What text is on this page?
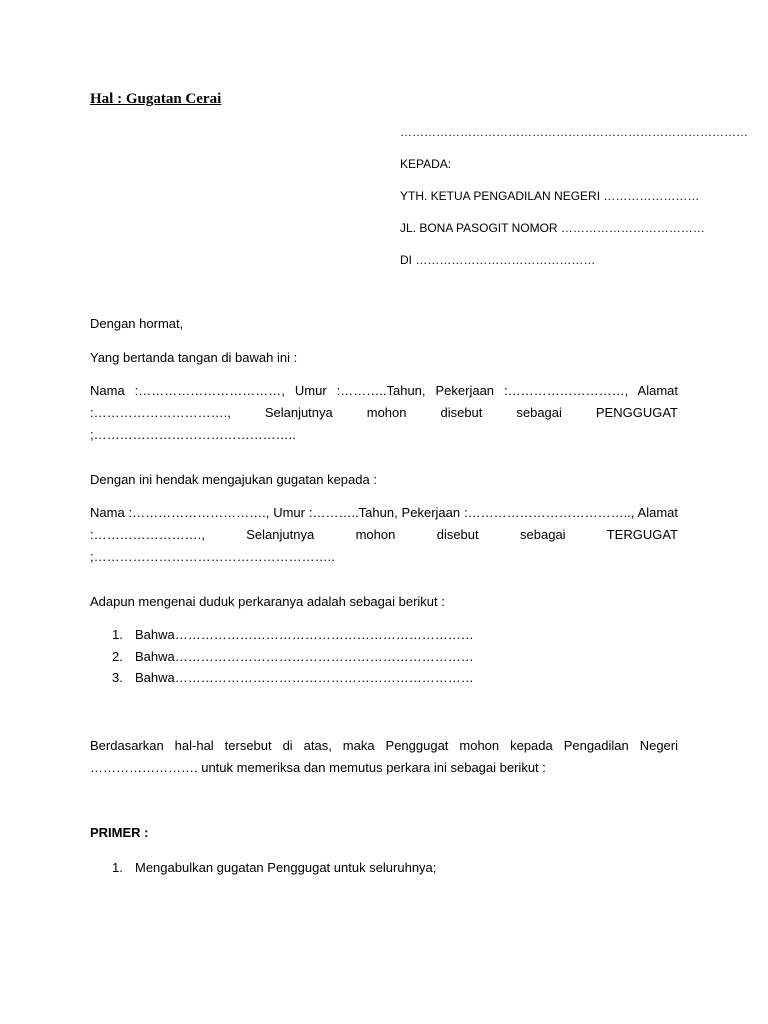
Hal : Gugatan Cerai
……………………………………………………………………………
KEPADA:
YTH. KETUA PENGADILAN NEGERI ……………………
JL. BONA PASOGIT NOMOR ………………………………
DI ………………………………………
Dengan hormat,
Yang bertanda tangan di bawah ini :
Nama :……………………………, Umur :………..Tahun, Pekerjaan :………………………, Alamat
:…………………………., Selanjutnya mohon disebut sebagai PENGGUGAT ;………………………………………..
Dengan ini hendak mengajukan gugatan kepada :
Nama :…………………………., Umur :………..Tahun, Pekerjaan :……………………………….., Alamat
:……………………., Selanjutnya mohon disebut sebagai TERGUGAT ;………………………………………………..
Adapun mengenai duduk perkaranya adalah sebagai berikut :
1. Bahwa……………………………………………………………
2. Bahwa……………………………………………………………
3. Bahwa……………………………………………………………
Berdasarkan hal-hal tersebut di atas, maka Penggugat mohon kepada Pengadilan Negeri
……………………. untuk memeriksa dan memutus perkara ini sebagai berikut :
PRIMER :
1. Mengabulkan gugatan Penggugat untuk seluruhnya;
